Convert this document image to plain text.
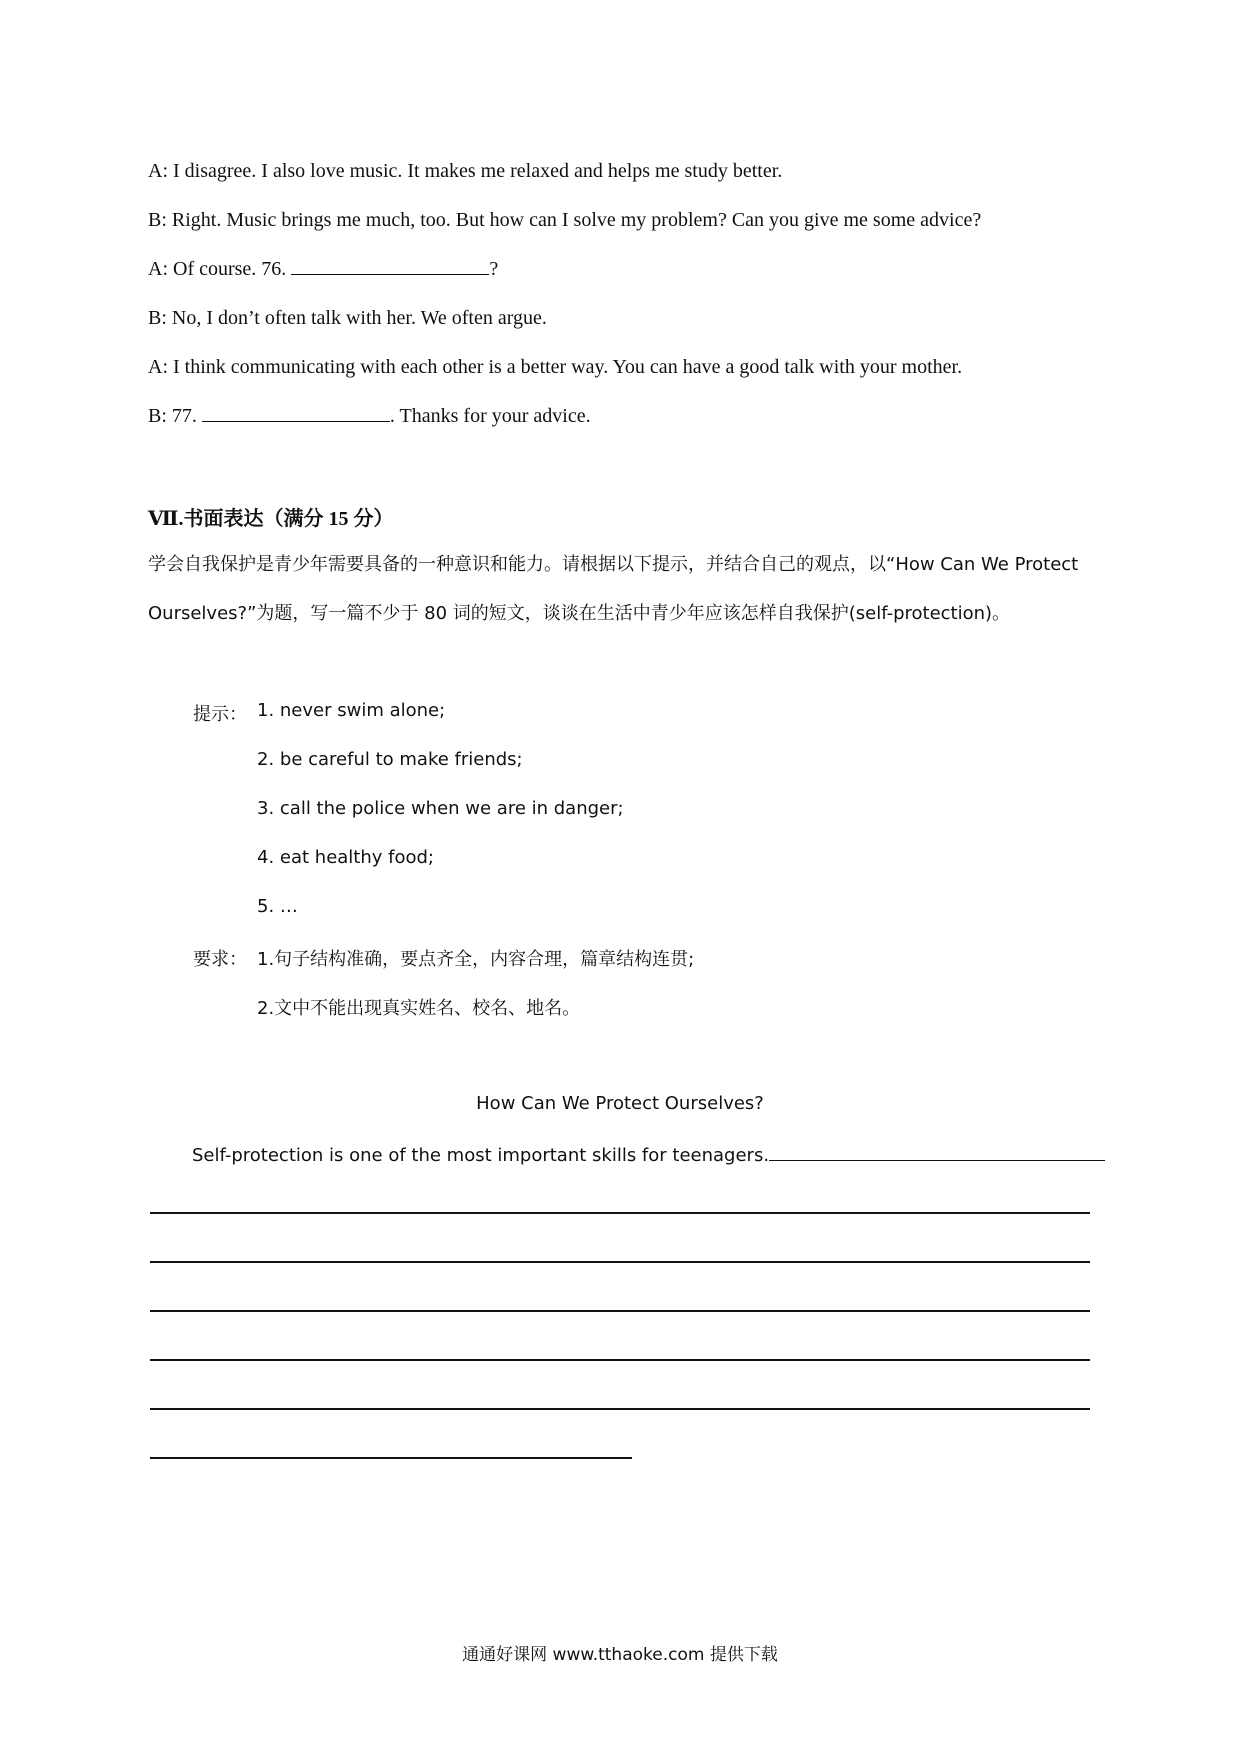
A: I disagree. I also love music. It makes me relaxed and helps me study better.
B: Right. Music brings me much, too. But how can I solve my problem? Can you give me some advice?
A: Of course. 76.	?
B: No, I don’t often talk with her. We often argue.
A: I think communicating with each other is a better way. You can have a good talk with your mother.
B: 77.	. Thanks for your advice.
Ⅶ.书面表达（满分 15 分）
学会自我保护是青少年需要具备的一种意识和能力。请根据以下提示，并结合自己的观点，以“How Can We Protect Ourselves?”为题，写一篇不少于 80 词的短文，谈谈在生活中青少年应该怎样自我保护(self-protection)。
提示： 1. never swim alone;
2. be careful to make friends;
3. call the police when we are in danger;
4. eat healthy food;
5. …
要求： 1.句子结构准确，要点齐全，内容合理，篇章结构连贯;
2.文中不能出现真实姓名、校名、地名。
How Can We Protect Ourselves?
Self-protection is one of the most important skills for teenagers.
通通好课网 www.tthaoke.com 提供下载
